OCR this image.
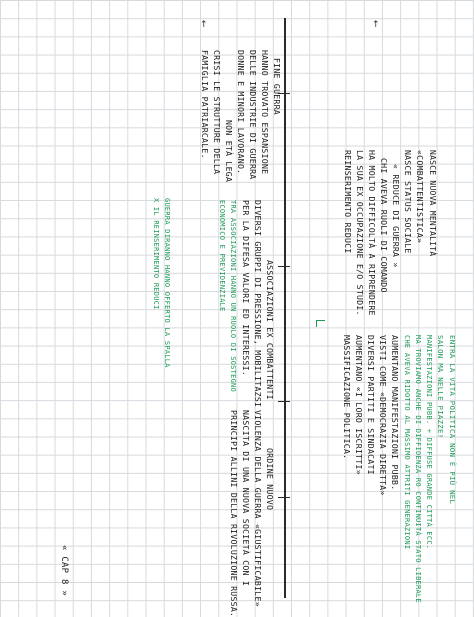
↑
↑
FINE GUERRA
HANNO TROVATO ESPANSIONE
DELLE INDUSTRIE DI GUERRA
DONNE E MINORI LAVORANO.
NON ETÀ LEGA
CRISI LE STRUTTURE DELLA
FAMIGLIA PATRIARCALE.
NASCE NUOVA MENTALITÀ
«COMBATTENTISTICA»
NASCE STATUS SOCIALE
« REDUCE DI GUERRA »
CHI AVEVA RUOLI DI COMANDO
HA MOLTO DIFFICOLTÀ A RIPRENDERE
LA SUA EX OCCUPAZIONE E/O STUDI.
REINSERIMENTO REDUCI
ASSOCIAZIONI EX COMBATTENTI
DIVERSI GRUPPI DI PRESSIONE, MOBILITAZSI
PER LA DIFESA VALORI ED INTERESSI.
TRA ASSOCIAZIONI HANNO UN RUOLO DI SOSTEGNO
ECONOMICO E PREVIDENZIALE
GUERRA DIRANNO HANNO OFFERTO LA SPALLA
X IL REINSERIMENTO REDUCI
ENTRA LA VITA POLITICA NON È PIÙ NEL
SALON MA NELLE PIAZZE!
MANIFESTAZIONI PUBB. + DIFFUSE GRANDE CITTÀ ECC.
MA TROVIAMO ANCHE DI DIFFIDENZA RO CONTINUITÀ STATO LIBERALE
CHE AVEVA RIDOTTO AL MASSIMO ATTRITI GENERAZIONI
AUMENTANO MANIFESTAZIONI PUBB.
VISTI COME «DEMOCRAZIA DIRETTA»
DIVERSI PARTITI E SINDACATI
AUMENTANO «I LORO ISCRITTI»
MASSIFICAZIONE POLITICA.
ORDINE NUOVO
VIOLENZA DELLA GUERRA «GIUSTIFICABILE»
NASCITA DI UNA NUOVA SOCIETÀ CON I
PRINCIPI ALLINI DELLA RIVOLUZIONE RUSSA.
« CAP 8 »
